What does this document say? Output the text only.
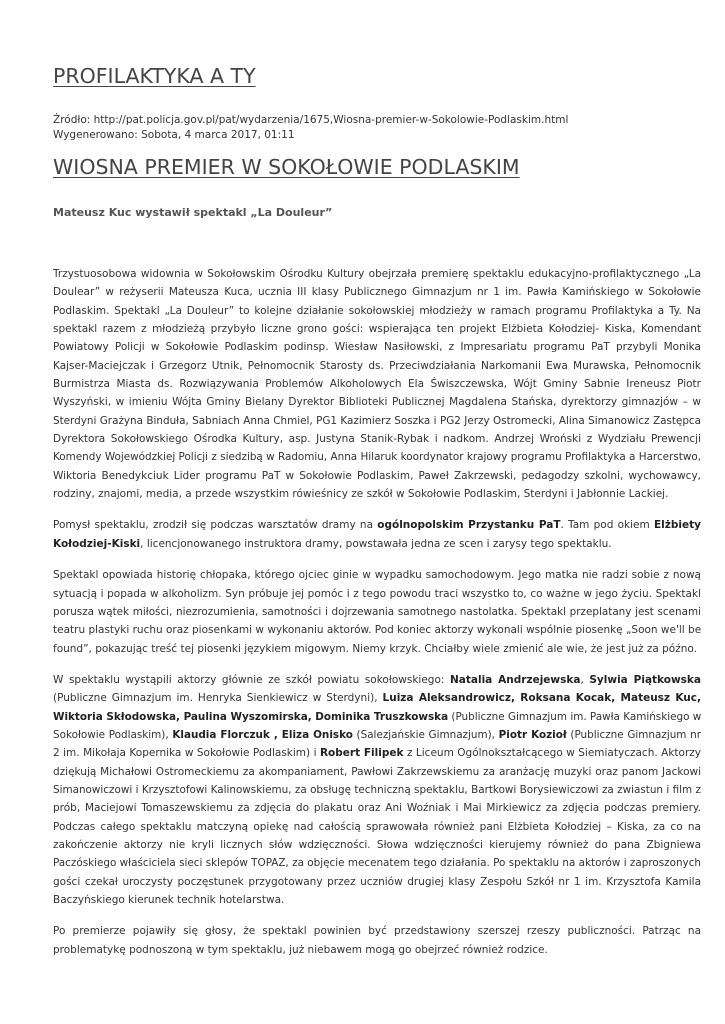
PROFILAKTYKA A TY
Źródło: http://pat.policja.gov.pl/pat/wydarzenia/1675,Wiosna-premier-w-Sokolowie-Podlaskim.html
Wygenerowano: Sobota, 4 marca 2017, 01:11
WIOSNA PREMIER W SOKOŁOWIE PODLASKIM
Mateusz Kuc wystawił spektakl „La Douleur”

Trzystuosobowa widownia w Sokołowskim Ośrodku Kultury obejrzała premierę spektaklu edukacyjno-profilaktycznego „La
Doulear” w reżyserii Mateusza Kuca, ucznia III klasy Publicznego Gimnazjum nr 1 im. Pawła Kamińskiego w Sokołowie
Podlaskim. Spektakl „La Douleur” to kolejne działanie sokołowskiej młodzieży w ramach programu Profilaktyka a Ty. Na
spektakl razem z młodzieżą przybyło liczne grono gości: wspierająca ten projekt Elżbieta Kołodziej- Kiska, Komendant
Powiatowy Policji w Sokołowie Podlaskim podinsp. Wiesław Nasiłowski, z Impresariatu programu PaT przybyli Monika
Kajser-Maciejczak i Grzegorz Utnik, Pełnomocnik Starosty ds. Przeciwdziałania Narkomanii Ewa Murawska, Pełnomocnik
Burmistrza Miasta ds. Rozwiązywania Problemów Alkoholowych Ela Świszczewska, Wójt Gminy Sabnie Ireneusz Piotr
Wyszyński, w imieniu Wójta Gminy Bielany Dyrektor Biblioteki Publicznej Magdalena Stańska, dyrektorzy gimnazjów – w
Sterdyni Grażyna Binduła, Sabniach Anna Chmiel, PG1 Kazimierz Soszka i PG2 Jerzy Ostromecki, Alina Simanowicz Zastępca
Dyrektora Sokołowskiego Ośrodka Kultury, asp. Justyna Stanik-Rybak i nadkom. Andrzej Wroński z Wydziału Prewencji
Komendy Wojewódzkiej Policji z siedzibą w Radomiu, Anna Hilaruk koordynator krajowy programu Profilaktyka a Harcerstwo,
Wiktoria Benedykciuk Lider programu PaT w Sokołowie Podlaskim, Paweł Zakrzewski, pedagodzy szkolni, wychowawcy,
rodziny, znajomi, media, a przede wszystkim rówieśnicy ze szkół w Sokołowie Podlaskim, Sterdyni i Jabłonnie Lackiej.

Pomysł spektaklu, zrodził się podczas warsztatów dramy na ogólnopolskim Przystanku PaT. Tam pod okiem Elżbiety
Kołodziej-Kiski, licencjonowanego instruktora dramy, powstawała jedna ze scen i zarysy tego spektaklu.

Spektakl opowiada historię chłopaka, którego ojciec ginie w wypadku samochodowym. Jego matka nie radzi sobie z nową
sytuacją i popada w alkoholizm. Syn próbuje jej pomóc i z tego powodu traci wszystko to, co ważne w jego życiu. Spektakl
porusza wątek miłości, niezrozumienia, samotności i dojrzewania samotnego nastolatka. Spektakl przeplatany jest scenami
teatru plastyki ruchu oraz piosenkami w wykonaniu aktorów. Pod koniec aktorzy wykonali wspólnie piosenkę „Soon we'll be
found”, pokazując treść tej piosenki językiem migowym. Niemy krzyk. Chciałby wiele zmienić ale wie, że jest już za późno.

W spektaklu wystąpili aktorzy głównie ze szkół powiatu sokołowskiego: Natalia Andrzejewska, Sylwia Piątkowska
(Publiczne Gimnazjum im. Henryka Sienkiewicz w Sterdyni), Luiza Aleksandrowicz, Roksana Kocak, Mateusz Kuc,
Wiktoria Skłodowska, Paulina Wyszomirska, Dominika Truszkowska (Publiczne Gimnazjum im. Pawła Kamińskiego w
Sokołowie Podlaskim), Klaudia Florczuk , Eliza Onisko (Salezjańskie Gimnazjum), Piotr Kozioł (Publiczne Gimnazjum nr
2 im. Mikołaja Kopernika w Sokołowie Podlaskim) i Robert Filipek z Liceum Ogólnokształcącego w Siemiatyczach. Aktorzy
dziękują Michałowi Ostromeckiemu za akompaniament, Pawłowi Zakrzewskiemu za aranżację muzyki oraz panom Jackowi
Simanowiczowi i Krzysztofowi Kalinowskiemu, za obsługę techniczną spektaklu, Bartkowi Borysiewiczowi za zwiastun i film z
prób, Maciejowi Tomaszewskiemu za zdjęcia do plakatu oraz Ani Woźniak i Mai Mirkiewicz za zdjęcia podczas premiery.
Podczas całego spektaklu matczyną opiekę nad całością sprawowała również pani Elżbieta Kołodziej – Kiska, za co na
zakończenie aktorzy nie kryli licznych słów wdzięczności. Słowa wdzięczności kierujemy również do pana Zbigniewa
Paczóskiego właściciela sieci sklepów TOPAZ, za objęcie mecenatem tego działania. Po spektaklu na aktorów i zaproszonych
gości czekał uroczysty poczęstunek przygotowany przez uczniów drugiej klasy Zespołu Szkół nr 1 im. Krzysztofa Kamila
Baczyńskiego kierunek technik hotelarstwa.

Po premierze pojawiły się głosy, że spektakl powinien być przedstawiony szerszej rzeszy publiczności. Patrząc na
problematykę podnoszoną w tym spektaklu, już niebawem mogą go obejrzeć również rodzice.
